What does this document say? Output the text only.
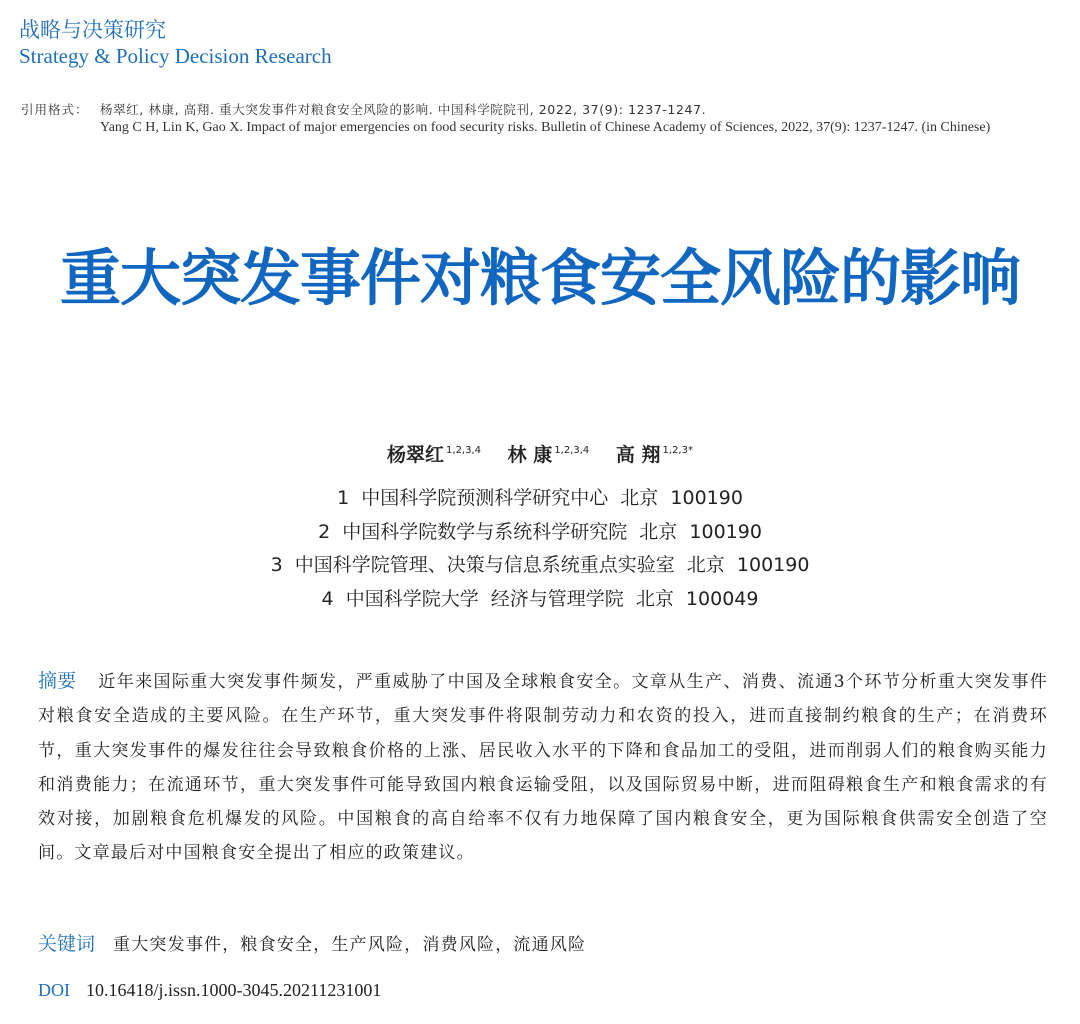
战略与决策研究
Strategy & Policy Decision Research
引用格式： 杨翠红, 林康, 高翔. 重大突发事件对粮食安全风险的影响. 中国科学院院刊, 2022, 37(9): 1237-1247.
Yang C H, Lin K, Gao X. Impact of major emergencies on food security risks. Bulletin of Chinese Academy of Sciences, 2022, 37(9): 1237-1247. (in Chinese)
重大突发事件对粮食安全风险的影响
杨翠红 $^{1,2,3,4}$ 林 康 $^{1,2,3,4}$ 高 翔 $^{1,2,3*}$
1  中国科学院预测科学研究中心  北京  100190
2  中国科学院数学与系统科学研究院  北京  100190
3  中国科学院管理、决策与信息系统重点实验室  北京  100190
4  中国科学院大学  经济与管理学院  北京  100049
摘要 近年来国际重大突发事件频发，严重威胁了中国及全球粮食安全。文章从生产、消费、流通3个环节分析重大突发事件对粮食安全造成的主要风险。在生产环节，重大突发事件将限制劳动力和农资的投入，进而直接制约粮食的生产；在消费环节，重大突发事件的爆发往往会导致粮食价格的上涨、居民收入水平的下降和食品加工的受阻，进而削弱人们的粮食购买能力和消费能力；在流通环节，重大突发事件可能导致国内粮食运输受阻，以及国际贸易中断，进而阻碍粮食生产和粮食需求的有效对接，加剧粮食危机爆发的风险。中国粮食的高自给率不仅有力地保障了国内粮食安全，更为国际粮食供需安全创造了空间。文章最后对中国粮食安全提出了相应的政策建议。
关键词 重大突发事件，粮食安全，生产风险，消费风险，流通风险
DOI 10.16418/j.issn.1000-3045.20211231001
